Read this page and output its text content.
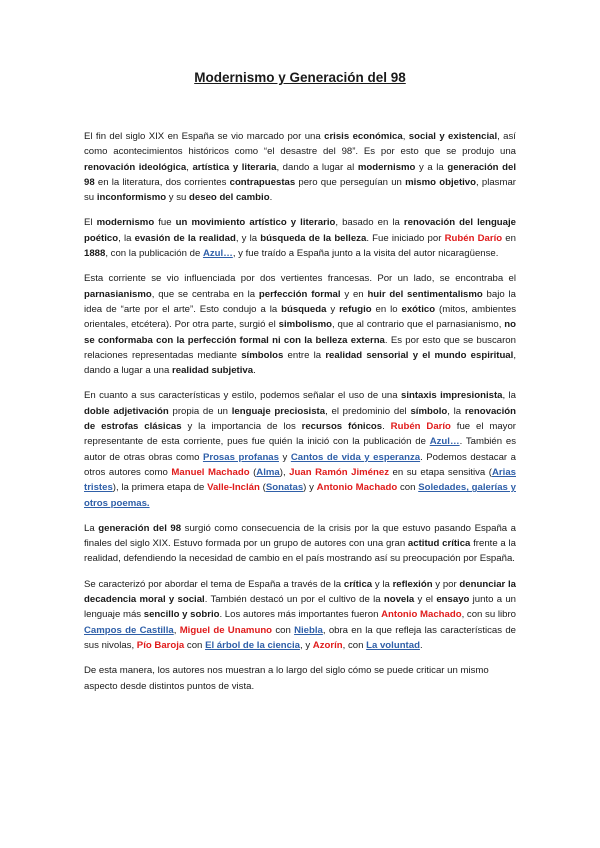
Modernismo y Generación del 98

El fin del siglo XIX en España se vio marcado por una crisis económica, social y existencial, así como acontecimientos históricos como “el desastre del 98”. Es por esto que se produjo una renovación ideológica, artística y literaria, dando a lugar al modernismo y a la generación del 98 en la literatura, dos corrientes contrapuestas pero que perseguían un mismo objetivo, plasmar su inconformismo y su deseo del cambio.

El modernismo fue un movimiento artístico y literario, basado en la renovación del lenguaje poético, la evasión de la realidad, y la búsqueda de la belleza. Fue iniciado por Rubén Darío en 1888, con la publicación de Azul…, y fue traído a España junto a la visita del autor nicaragüense.

Esta corriente se vio influenciada por dos vertientes francesas. Por un lado, se encontraba el parnasianismo, que se centraba en la perfección formal y en huir del sentimentalismo bajo la idea de “arte por el arte”. Esto condujo a la búsqueda y refugio en lo exótico (mitos, ambientes orientales, etcétera). Por otra parte, surgió el simbolismo, que al contrario que el parnasianismo, no se conformaba con la perfección formal ni con la belleza externa. Es por esto que se buscaron relaciones representadas mediante símbolos entre la realidad sensorial y el mundo espiritual, dando a lugar a una realidad subjetiva.

En cuanto a sus características y estilo, podemos señalar el uso de una sintaxis impresionista, la doble adjetivación propia de un lenguaje preciosista, el predominio del símbolo, la renovación de estrofas clásicas y la importancia de los recursos fónicos. Rubén Darío fue el mayor representante de esta corriente, pues fue quién la inició con la publicación de Azul…. También es autor de otras obras como Prosas profanas y Cantos de vida y esperanza. Podemos destacar a otros autores como Manuel Machado (Alma), Juan Ramón Jiménez en su etapa sensitiva (Arias tristes), la primera etapa de Valle-Inclán (Sonatas) y Antonio Machado con Soledades, galerías y otros poemas.

La generación del 98 surgió como consecuencia de la crisis por la que estuvo pasando España a finales del siglo XIX. Estuvo formada por un grupo de autores con una gran actitud crítica frente a la realidad, defendiendo la necesidad de cambio en el país mostrando así su preocupación por España.

Se caracterizó por abordar el tema de España a través de la crítica y la reflexión y por denunciar la decadencia moral y social. También destacó un por el cultivo de la novela y el ensayo junto a un lenguaje más sencillo y sobrio. Los autores más importantes fueron Antonio Machado, con su libro Campos de Castilla, Miguel de Unamuno con Niebla, obra en la que refleja las características de sus nivolas, Pío Baroja con El árbol de la ciencia, y Azorín, con La voluntad.

De esta manera, los autores nos muestran a lo largo del siglo cómo se puede criticar un mismo aspecto desde distintos puntos de vista.
